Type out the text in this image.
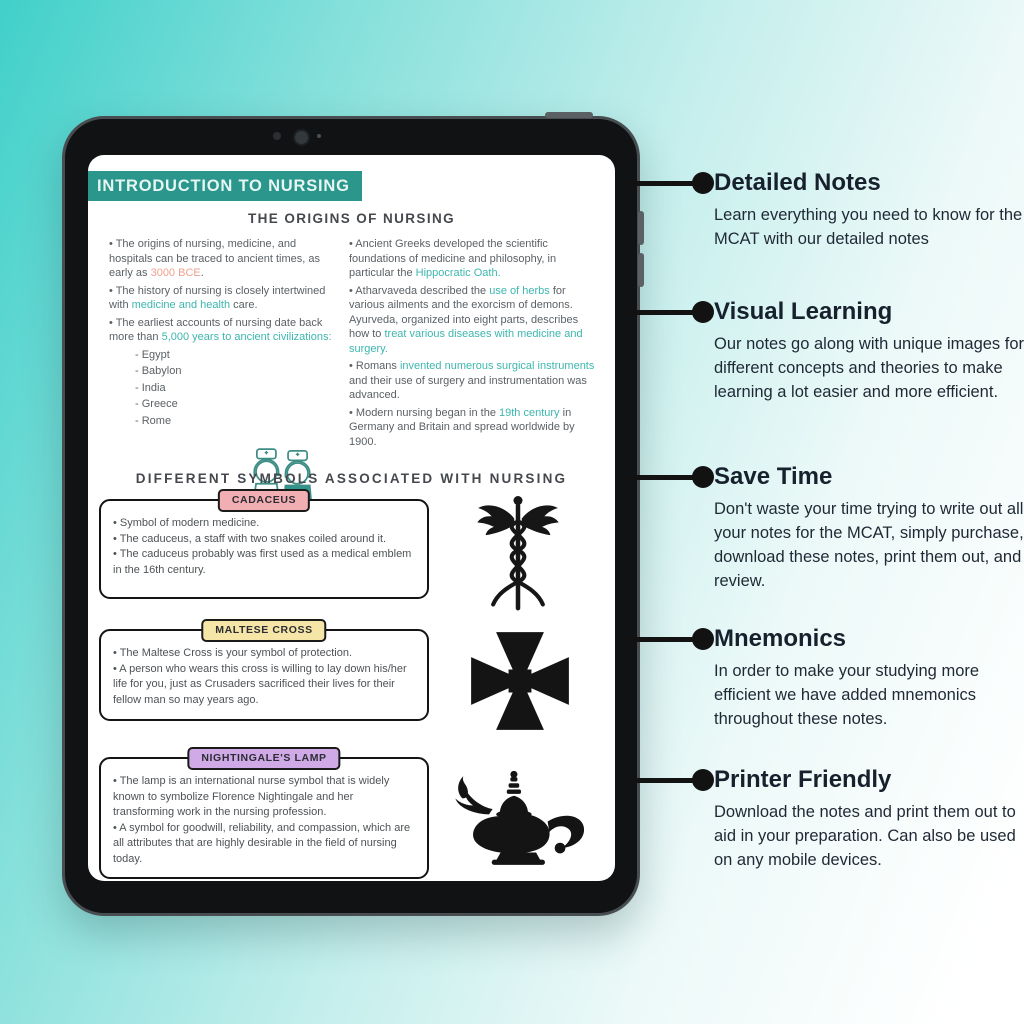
INTRODUCTION TO NURSING
THE ORIGINS OF NURSING

• The origins of nursing, medicine, and hospitals can be traced to ancient times, as early as 3000 BCE.

• The history of nursing is closely intertwined with medicine and health care.

• The earliest accounts of nursing date back more than 5,000 years to ancient civilizations:

- Egypt
- Babylon
- India
- Greece
- Rome

• Ancient Greeks developed the scientific foundations of medicine and philosophy, in particular the Hippocratic Oath.

• Atharvaveda described the use of herbs for various ailments and the exorcism of demons. Ayurveda, organized into eight parts, describes how to treat various diseases with medicine and surgery.

• Romans invented numerous surgical instruments and their use of surgery and instrumentation was advanced.

• Modern nursing began in the 19th century in Germany and Britain and spread worldwide by 1900.

DIFFERENT SYMBOLS ASSOCIATED WITH NURSING
CADACEUS

• Symbol of modern medicine.

• The caduceus, a staff with two snakes coiled around it.

• The caduceus probably was first used as a medical emblem in the 16th century.

MALTESE CROSS

• The Maltese Cross is your symbol of protection.

• A person who wears this cross is willing to lay down his/her life for you, just as Crusaders sacrificed their lives for their fellow man so may years ago.

NIGHTINGALE'S LAMP

• The lamp is an international nurse symbol that is widely known to symbolize Florence Nightingale and her transforming work in the nursing profession.

• A symbol for goodwill, reliability, and compassion, which are all attributes that are highly desirable in the field of nursing today.

Detailed Notes

Learn everything you need to know for the MCAT with our detailed notes

Visual Learning

Our notes go along with unique images for different concepts and theories to make learning a lot easier and more efficient.

Save Time

Don't waste your time trying to write out all your notes for the MCAT, simply purchase, download these notes, print them out, and review.

Mnemonics

In order to make your studying more efficient we have added mnemonics throughout these notes.

Printer Friendly

Download the notes and print them out to aid in your preparation. Can also be used on any mobile devices.
